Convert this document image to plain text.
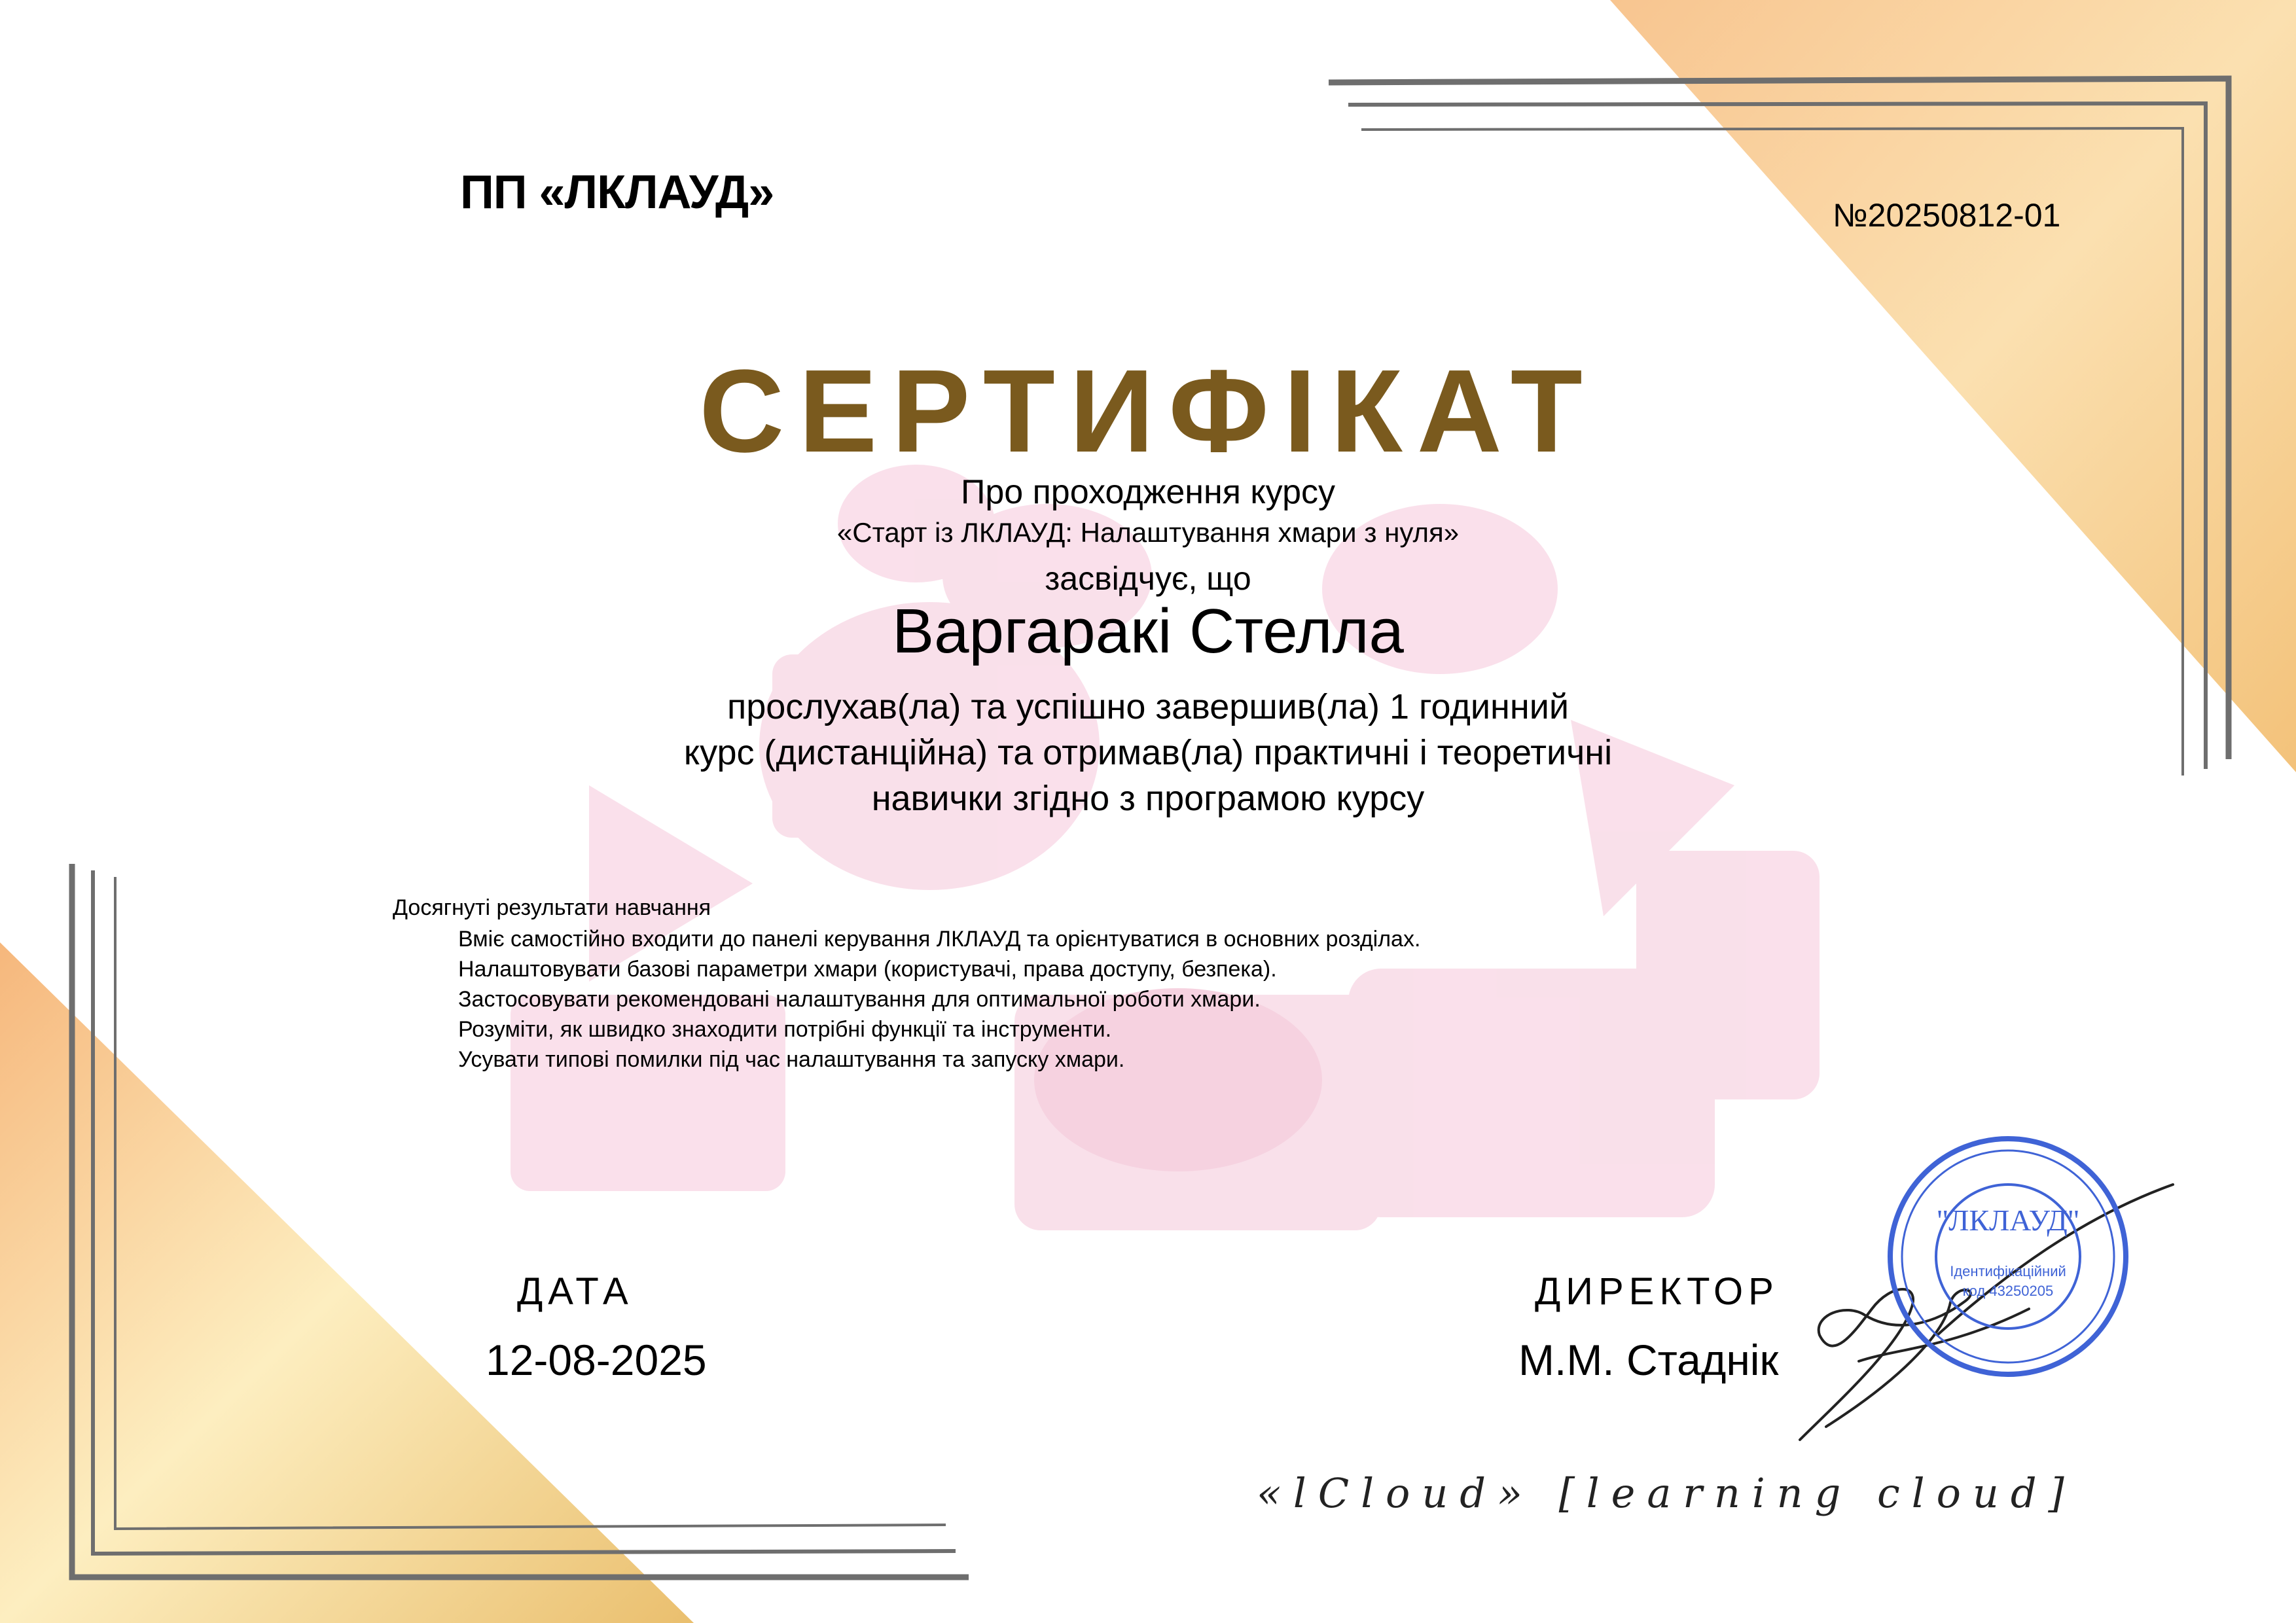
"ЛКЛАУД"
Ідентифікаційний
код 43250205
ПП «ЛКЛАУД»	№20250812-01
СЕРТИФІКАТ
Про проходження курсу
«Старт із ЛКЛАУД: Налаштування хмари з нуля»
засвідчує, що
Варгаракі Стелла
прослухав(ла) та успішно завершив(ла) 1 годинний
курс (дистанційна) та отримав(ла) практичні і теоретичні
навички згідно з програмою курсу
Досягнуті результати навчання
Вміє самостійно входити до панелі керування ЛКЛАУД та орієнтуватися в основних розділах.
Налаштовувати базові параметри хмари (користувачі, права доступу, безпека).
Застосовувати рекомендовані налаштування для оптимальної роботи хмари.
Розуміти, як швидко знаходити потрібні функції та інструменти.
Усувати типові помилки під час налаштування та запуску хмари.
ДАТА
12-08-2025
ДИРЕКТОР
М.М. Стаднік
«lCloud» [learning cloud]
